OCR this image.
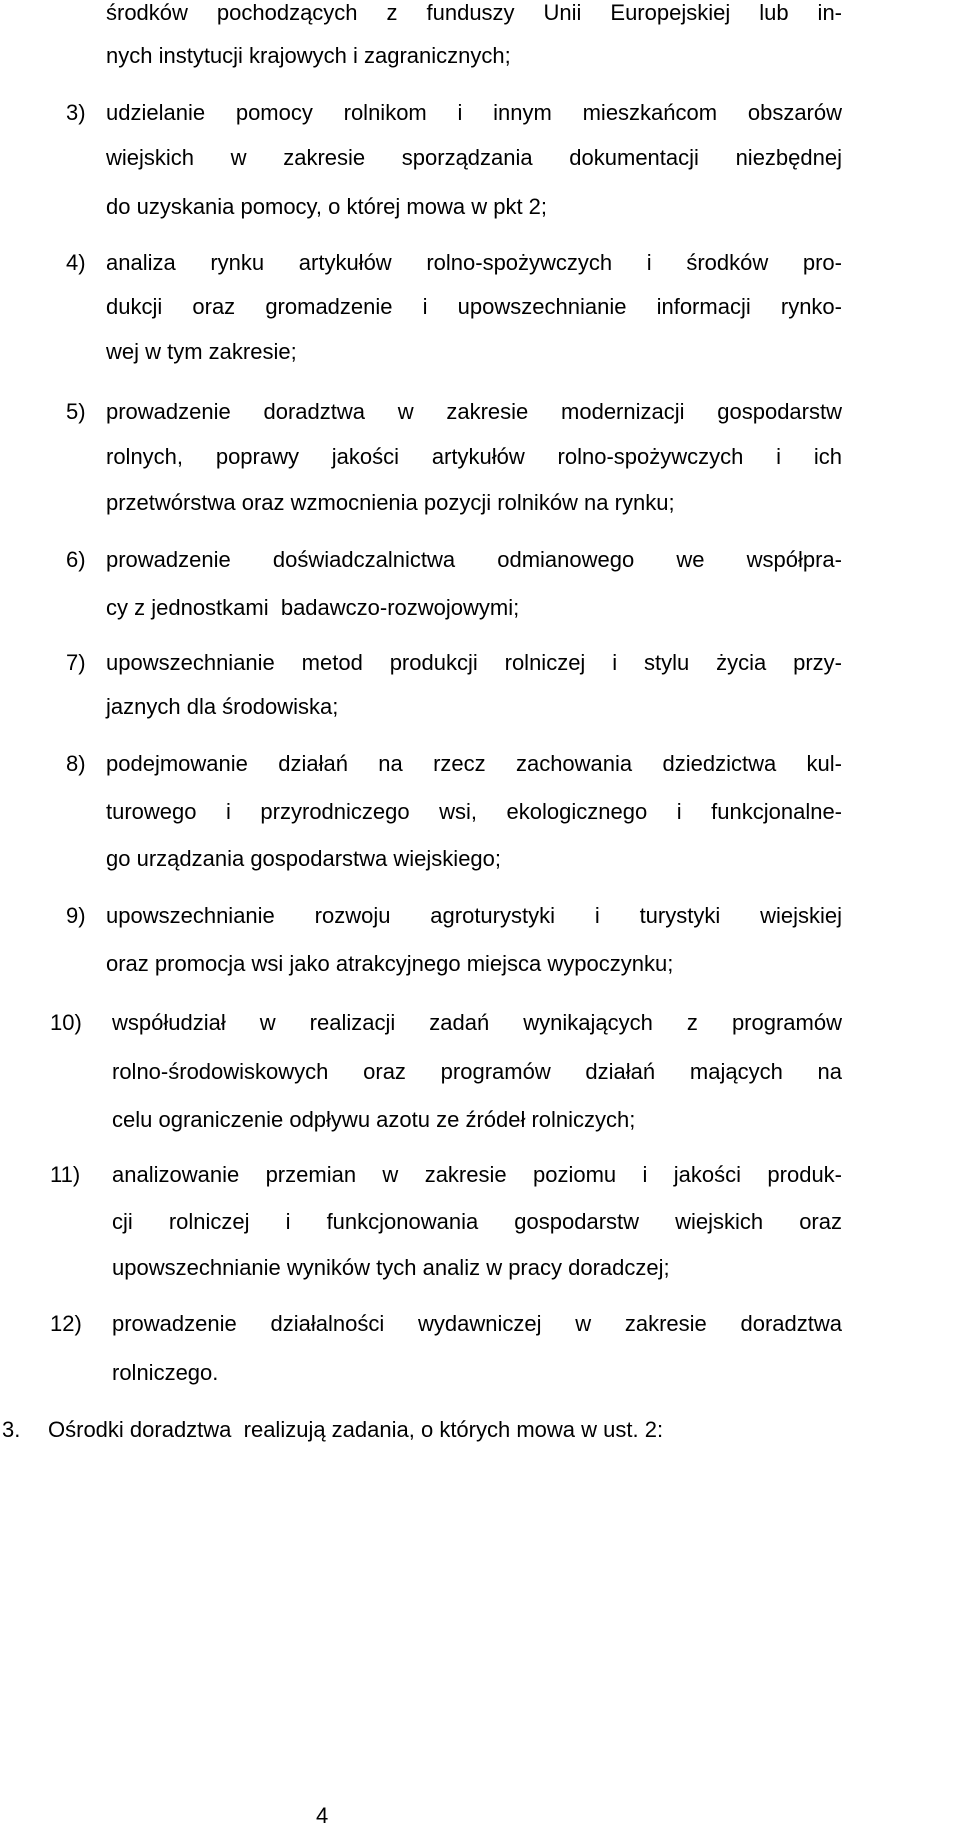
środków pochodzących z funduszy Unii Europejskiej lub in-
nych instytucji krajowych i zagranicznych;
3) udzielanie pomocy rolnikom i innym mieszkańcom obszarów
wiejskich w zakresie sporządzania dokumentacji niezbędnej
do uzyskania pomocy, o której mowa w pkt 2;
4) analiza rynku artykułów rolno-spożywczych i środków pro-
dukcji oraz gromadzenie i upowszechnianie informacji rynko-
wej w tym zakresie;
5) prowadzenie doradztwa w zakresie modernizacji gospodarstw
rolnych, poprawy jakości artykułów rolno-spożywczych i ich
przetwórstwa oraz wzmocnienia pozycji rolników na rynku;
6) prowadzenie doświadczalnictwa odmianowego we współpra-
cy z jednostkami  badawczo-rozwojowymi;
7) upowszechnianie metod produkcji rolniczej i stylu życia przy-
jaznych dla środowiska;
8) podejmowanie działań na rzecz zachowania dziedzictwa kul-
turowego i przyrodniczego wsi, ekologicznego i funkcjonalne-
go urządzania gospodarstwa wiejskiego;
9) upowszechnianie rozwoju agroturystyki i turystyki wiejskiej
oraz promocja wsi jako atrakcyjnego miejsca wypoczynku;
10) współudział w realizacji zadań wynikających z programów
rolno-środowiskowych oraz programów działań mających na
celu ograniczenie odpływu azotu ze źródeł rolniczych;
11) analizowanie przemian w zakresie poziomu i jakości produk-
cji rolniczej i funkcjonowania gospodarstw wiejskich oraz
upowszechnianie wyników tych analiz w pracy doradczej;
12) prowadzenie działalności wydawniczej w zakresie doradztwa
rolniczego.
3. Ośrodki doradztwa  realizują zadania, o których mowa w ust. 2:
4
